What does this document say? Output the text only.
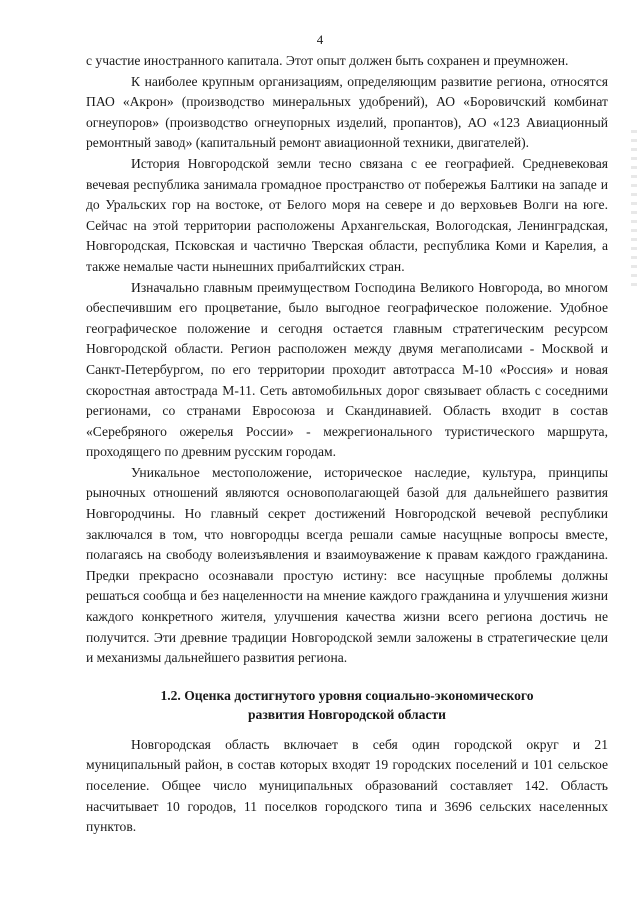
4

с участие иностранного капитала. Этот опыт должен быть сохранен и преумножен.

К наиболее крупным организациям, определяющим развитие региона, относятся ПАО «Акрон» (производство минеральных удобрений), АО «Боровичский комбинат огнеупоров» (производство огнеупорных изделий, пропантов), АО «123 Авиационный ремонтный завод» (капитальный ремонт авиационной техники, двигателей).

История Новгородской земли тесно связана с ее географией. Средневековая вечевая республика занимала громадное пространство от побережья Балтики на западе и до Уральских гор на востоке, от Белого моря на севере и до верховьев Волги на юге. Сейчас на этой территории расположены Архангельская, Вологодская, Ленинградская, Новгородская, Псковская и частично Тверская области, республика Коми и Карелия, а также немалые части нынешних прибалтийских стран.

Изначально главным преимуществом Господина Великого Новгорода, во многом обеспечившим его процветание, было выгодное географическое положение. Удобное географическое положение и сегодня остается главным стратегическим ресурсом Новгородской области. Регион расположен между двумя мегаполисами - Москвой и Санкт-Петербургом, по его территории проходит автотрасса М-10 «Россия» и новая скоростная автострада М-11. Сеть автомобильных дорог связывает область с соседними регионами, со странами Евросоюза и Скандинавией. Область входит в состав «Серебряного ожерелья России» - межрегионального туристического маршрута, проходящего по древним русским городам.

Уникальное местоположение, историческое наследие, культура, принципы рыночных отношений являются основополагающей базой для дальнейшего развития Новгородчины. Но главный секрет достижений Новгородской вечевой республики заключался в том, что новгородцы всегда решали самые насущные вопросы вместе, полагаясь на свободу волеизъявления и взаимоуважение к правам каждого гражданина. Предки прекрасно осознавали простую истину: все насущные проблемы должны решаться сообща и без нацеленности на мнение каждого гражданина и улучшения жизни каждого конкретного жителя, улучшения качества жизни всего региона достичь не получится. Эти древние традиции Новгородской земли заложены в стратегические цели и механизмы дальнейшего развития региона.

1.2. Оценка достигнутого уровня социально-экономического
развития Новгородской области

Новгородская область включает в себя один городской округ и 21 муниципальный район, в состав которых входят 19 городских поселений и 101 сельское поселение. Общее число муниципальных образований составляет 142. Область насчитывает 10 городов, 11 поселков городского типа и 3696 сельских населенных пунктов.
